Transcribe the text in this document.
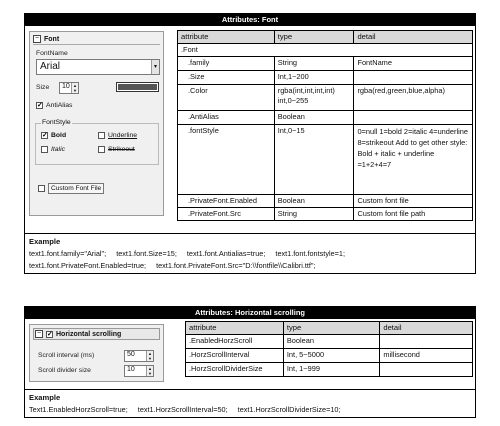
Attributes: Font
− Font
FontName
Arial	▾
Size	10 ▲
▼
✓ AntiAlias
FontStyle
✓ Bold	Underline
Italic	Strikeout
Custom Font File
attribute	type	detail
.Font		
.family	String	FontName
.Size	Int,1~200	
.Color	rgba(int,int,int,int) int,0~255	rgba(red,green,blue,alpha)
.AntiAlias	Boolean	
.fontStyle	Int,0~15	0=null 1=bold 2=italic 4=underline 8=strikeout Add to get other style: Bold + italic + underline =1+2+4=7
.PrivateFont.Enabled	Boolean	Custom font file
.PrivateFont.Src	String	Custom font file path
Example
text1.font.family="Arial"; text1.font.Size=15; text1.font.Antialias=true; text1.font.fontstyle=1;
text1.font.PrivateFont.Enabled=true; text1.font.PrivateFont.Src="D:\\fontfile\\Calibri.ttf";
Attributes: Horizontal scrolling
− ✓ Horizontal scrolling
Scroll interval (ms)	50	▲
▼
Scroll divider size	10	▲
▼
attribute	type	detail
.EnabledHorzScroll	Boolean	
.HorzScrollInterval	Int, 5~5000	millisecond
.HorzScrollDividerSize	Int, 1~999	
Example
Text1.EnabledHorzScroll=true; text1.HorzScrollInterval=50; text1.HorzScrollDividerSize=10;
